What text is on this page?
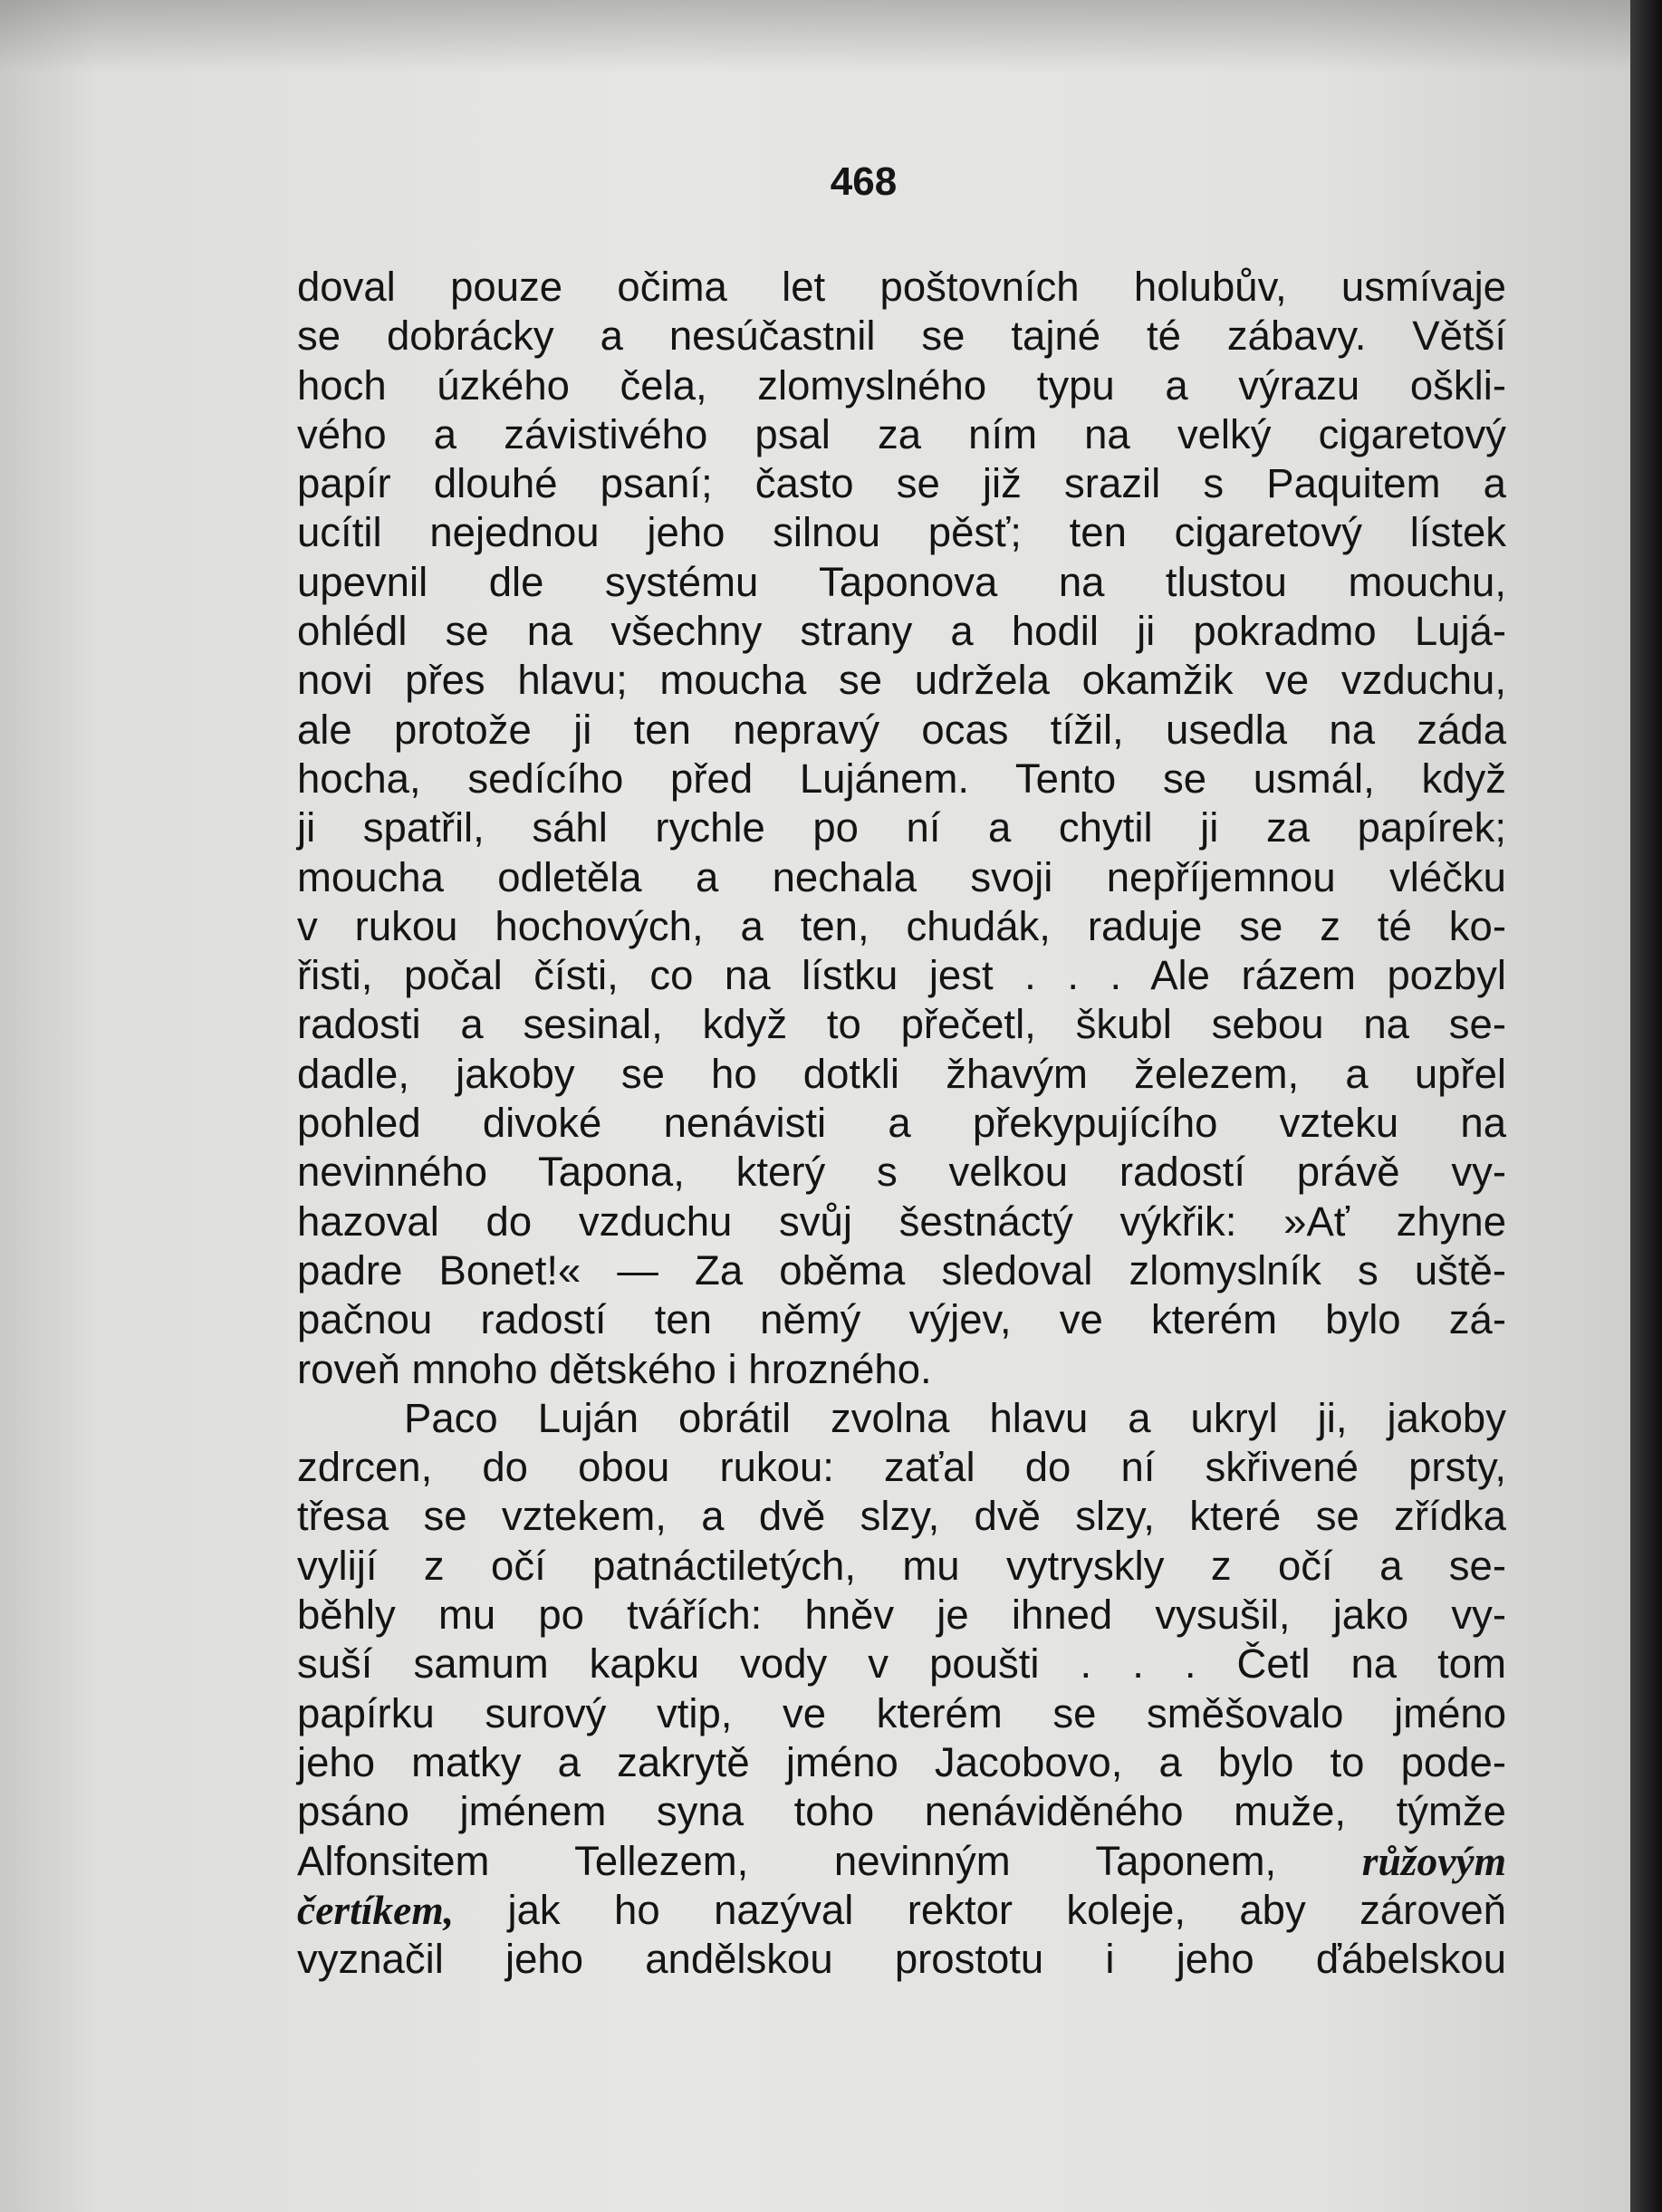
468
doval pouze očima let poštovních holubův, usmívaje
se dobrácky a nesúčastnil se tajné té zábavy. Větší
hoch úzkého čela, zlomyslného typu a výrazu oškli-
vého a závistivého psal za ním na velký cigaretový
papír dlouhé psaní; často se již srazil s Paquitem a
ucítil nejednou jeho silnou pěsť; ten cigaretový lístek
upevnil dle systému Taponova na tlustou mouchu,
ohlédl se na všechny strany a hodil ji pokradmo Lujá-
novi přes hlavu; moucha se udržela okamžik ve vzduchu,
ale protože ji ten nepravý ocas tížil, usedla na záda
hocha, sedícího před Lujánem. Tento se usmál, když
ji spatřil, sáhl rychle po ní a chytil ji za papírek;
moucha odletěla a nechala svoji nepříjemnou vléčku
v rukou hochových, a ten, chudák, raduje se z té ko-
řisti, počal čísti, co na lístku jest . . . Ale rázem pozbyl
radosti a sesinal, když to přečetl, škubl sebou na se-
dadle, jakoby se ho dotkli žhavým železem, a upřel
pohled divoké nenávisti a překypujícího vzteku na
nevinného Tapona, který s velkou radostí právě vy-
hazoval do vzduchu svůj šestnáctý výkřik: »Ať zhyne
padre Bonet!« — Za oběma sledoval zlomyslník s uště-
pačnou radostí ten němý výjev, ve kterém bylo zá-
roveň mnoho dětského i hrozného.
Paco Luján obrátil zvolna hlavu a ukryl ji, jakoby
zdrcen, do obou rukou: zaťal do ní skřivené prsty,
třesa se vztekem, a dvě slzy, dvě slzy, které se zřídka
vylijí z očí patnáctiletých, mu vytryskly z očí a se-
běhly mu po tvářích: hněv je ihned vysušil, jako vy-
suší samum kapku vody v poušti . . . Četl na tom
papírku surový vtip, ve kterém se směšovalo jméno
jeho matky a zakrytě jméno Jacobovo, a bylo to pode-
psáno jménem syna toho nenáviděného muže, týmže
Alfonsitem Tellezem, nevinným Taponem, růžovým
čertíkem, jak ho nazýval rektor koleje, aby zároveň
vyznačil jeho andělskou prostotu i jeho ďábelskou
